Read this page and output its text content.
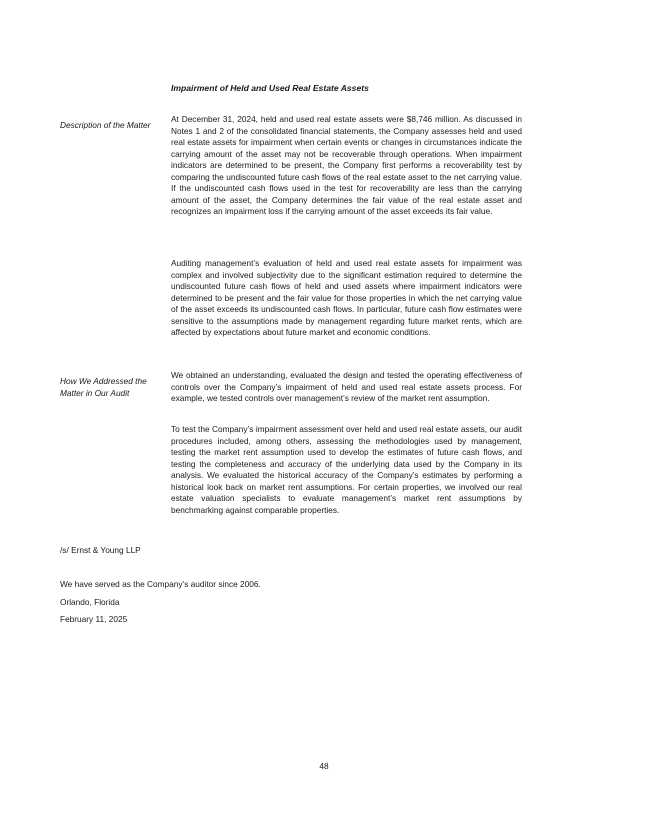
Impairment of Held and Used Real Estate Assets
Description of the Matter
At December 31, 2024, held and used real estate assets were $8,746 million. As discussed in Notes 1 and 2 of the consolidated financial statements, the Company assesses held and used real estate assets for impairment when certain events or changes in circumstances indicate the carrying amount of the asset may not be recoverable through operations. When impairment indicators are determined to be present, the Company first performs a recoverability test by comparing the undiscounted future cash flows of the real estate asset to the net carrying value. If the undiscounted cash flows used in the test for recoverability are less than the carrying amount of the asset, the Company determines the fair value of the real estate asset and recognizes an impairment loss if the carrying amount of the asset exceeds its fair value.
Auditing management’s evaluation of held and used real estate assets for impairment was complex and involved subjectivity due to the significant estimation required to determine the undiscounted future cash flows of held and used assets where impairment indicators were determined to be present and the fair value for those properties in which the net carrying value of the asset exceeds its undiscounted cash flows. In particular, future cash flow estimates were sensitive to the assumptions made by management regarding future market rents, which are affected by expectations about future market and economic conditions.
How We Addressed the Matter in Our Audit
We obtained an understanding, evaluated the design and tested the operating effectiveness of controls over the Company’s impairment of held and used real estate assets process. For example, we tested controls over management’s review of the market rent assumption.
To test the Company’s impairment assessment over held and used real estate assets, our audit procedures included, among others, assessing the methodologies used by management, testing the market rent assumption used to develop the estimates of future cash flows, and testing the completeness and accuracy of the underlying data used by the Company in its analysis. We evaluated the historical accuracy of the Company’s estimates by performing a historical look back on market rent assumptions. For certain properties, we involved our real estate valuation specialists to evaluate management’s market rent assumptions by benchmarking against comparable properties.
/s/ Ernst & Young LLP
We have served as the Company’s auditor since 2006.
Orlando, Florida
February 11, 2025
48
